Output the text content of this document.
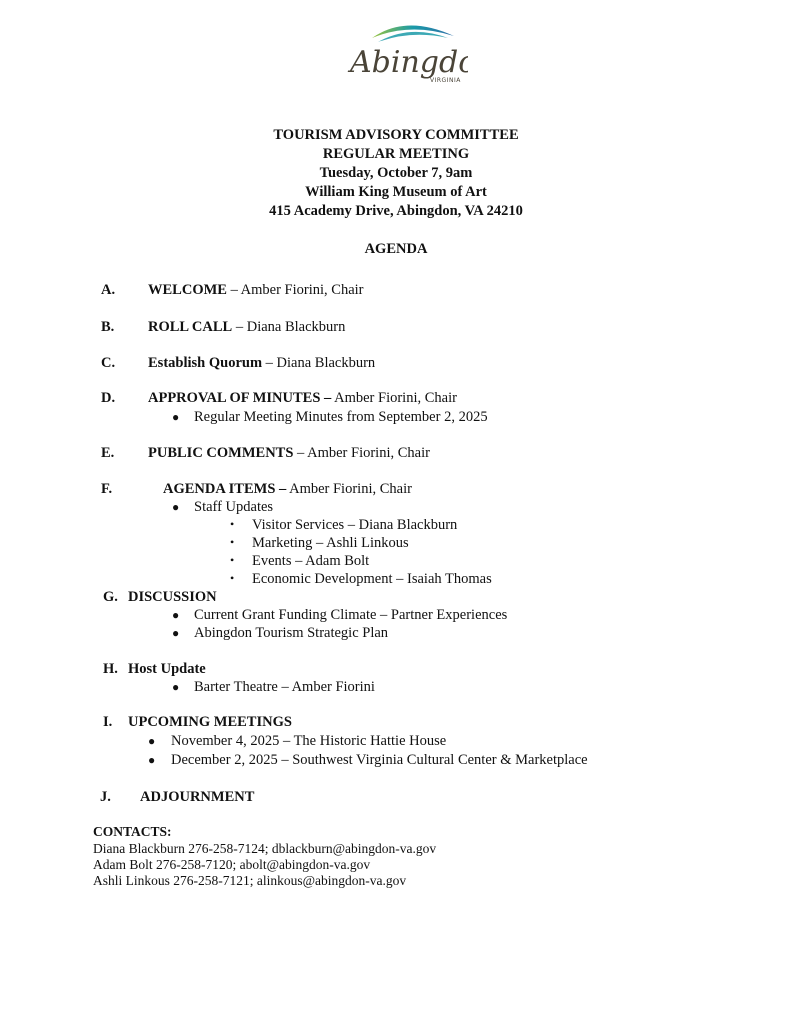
Abingd
VIRGINIA
TOURISM ADVISORY COMMITTEE
REGULAR MEETING
Tuesday, October 7, 9am
William King Museum of Art
415 Academy Drive, Abingdon, VA 24210
AGENDA
A. WELCOME – Amber Fiorini, Chair
B. ROLL CALL – Diana Blackburn
C. Establish Quorum – Diana Blackburn
D. APPROVAL OF MINUTES – Amber Fiorini, Chair
● Regular Meeting Minutes from September 2, 2025
E. PUBLIC COMMENTS – Amber Fiorini, Chair
F.	AGENDA ITEMS – Amber Fiorini, Chair
● Staff Updates
• Visitor Services – Diana Blackburn
• Marketing – Ashli Linkous
• Events – Adam Bolt
• Economic Development – Isaiah Thomas
G. DISCUSSION
● Current Grant Funding Climate – Partner Experiences
● Abingdon Tourism Strategic Plan
H. Host Update
● Barter Theatre – Amber Fiorini
I. UPCOMING MEETINGS
● November 4, 2025 – The Historic Hattie House
● December 2, 2025 – Southwest Virginia Cultural Center & Marketplace
J. ADJOURNMENT
CONTACTS:
Diana Blackburn 276-258-7124; dblackburn@abingdon-va.gov
Adam Bolt 276-258-7120; abolt@abingdon-va.gov
Ashli Linkous 276-258-7121; alinkous@abingdon-va.gov
